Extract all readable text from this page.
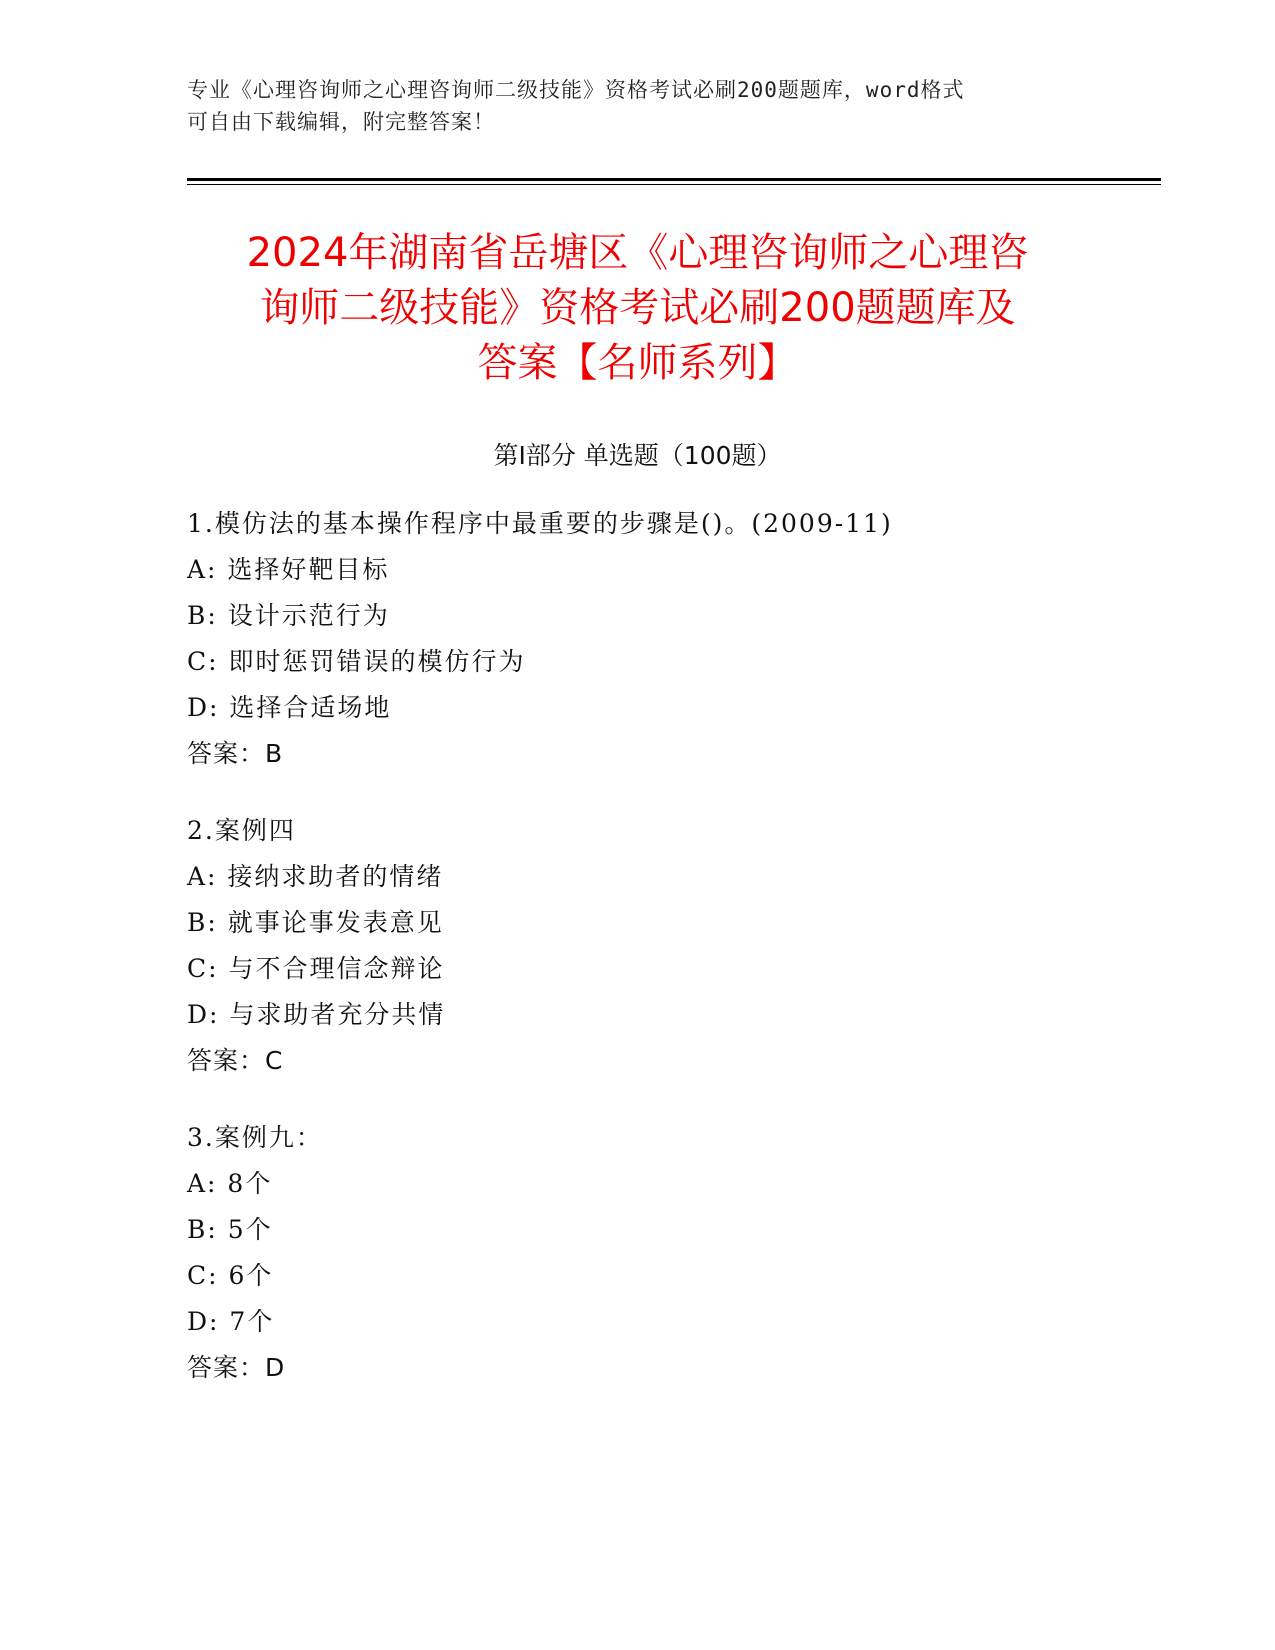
专业《心理咨询师之心理咨询师二级技能》资格考试必刷200题题库，word格式
可自由下载编辑，附完整答案！
2024年湖南省岳塘区《心理咨询师之心理咨
询师二级技能》资格考试必刷200题题库及
答案【名师系列】
第Ⅰ部分 单选题（100题）
1.模仿法的基本操作程序中最重要的步骤是()。(2009-11)
A: 选择好靶目标
B: 设计示范行为
C: 即时惩罚错误的模仿行为
D: 选择合适场地
答案：B
2.案例四
A: 接纳求助者的情绪
B: 就事论事发表意见
C: 与不合理信念辩论
D: 与求助者充分共情
答案：C
3.案例九：
A: 8个
B: 5个
C: 6个
D: 7个
答案：D
